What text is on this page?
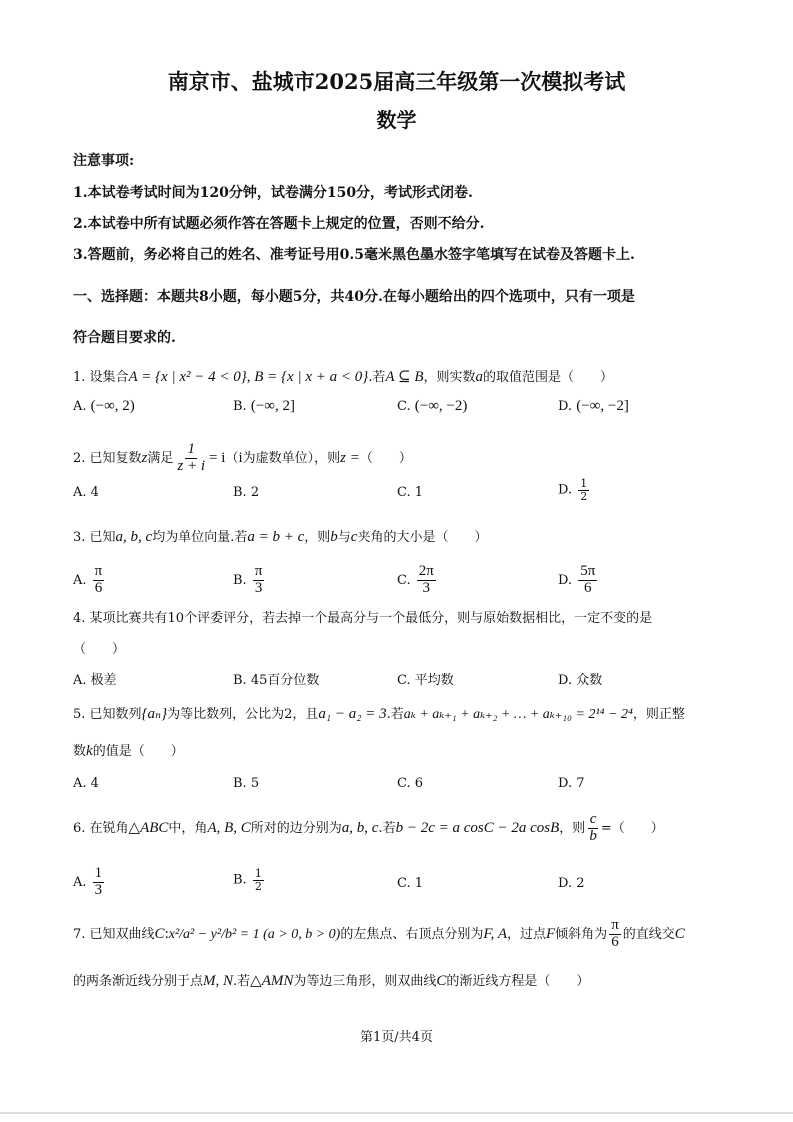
南京市、盐城市2025届高三年级第一次模拟考试
数学
注意事项:
1.本试卷考试时间为120分钟，试卷满分150分，考试形式闭卷.
2.本试卷中所有试题必须作答在答题卡上规定的位置，否则不给分.
3.答题前，务必将自己的姓名、准考证号用0.5毫米黑色墨水签字笔填写在试卷及答题卡上.
一、选择题：本题共8小题，每小题5分，共40分.在每小题给出的四个选项中，只有一项是
符合题目要求的.
1. 设集合A = {x | x² − 4 < 0}, B = {x | x + a < 0}.若A ⊆ B，则实数a的取值范围是（　　）
A. (−∞, 2)	B. (−∞, 2]	C. (−∞, −2)	D. (−∞, −2]
2. 已知复数z满足 $\frac{1}{z + i} = i(i$为虚数单位），则z =（　　）
A. 4	B. 2	C. 1	D. $\frac{1}{2}$
3. 已知a, b, c均为单位向量.若a = b + c，则b与c夹角的大小是（　　）
A. $\frac{\pi}{6}$	B. $\frac{\pi}{3}$	C. $\frac{2\pi}{3}$	D. $\frac{5\pi}{6}$
4. 某项比赛共有10个评委评分，若去掉一个最高分与一个最低分，则与原始数据相比，一定不变的是
（　　）
A. 极差	B. 45百分位数	C. 平均数	D. 众数
5. 已知数列{aₙ}为等比数列，公比为2，且a₁ − a₂ = 3.若aₖ + aₖ₊₁ + aₖ₊₂ + … + aₖ₊₁₀ = 2¹⁴ − 2⁴，则正整
数k的值是（　　）
A. 4	B. 5	C. 6	D. 7
6. 在锐角△ABC中，角A, B, C所对的边分别为a, b, c.若b − 2c = a cosC − 2a cosB，则 $\frac{c}{b}$ =（　　）
A. $\frac{1}{3}$	B. $\frac{1}{2}$	C. 1	D. 2
7. 已知双曲线C:x²/a² − y²/b² = 1 (a > 0, b > 0)的左焦点、右顶点分别为F, A，过点F倾斜角为 $\frac{\pi}{6}$ 的直线交C
的两条渐近线分别于点M, N.若△AMN为等边三角形，则双曲线C的渐近线方程是（　　）
第1页/共4页
